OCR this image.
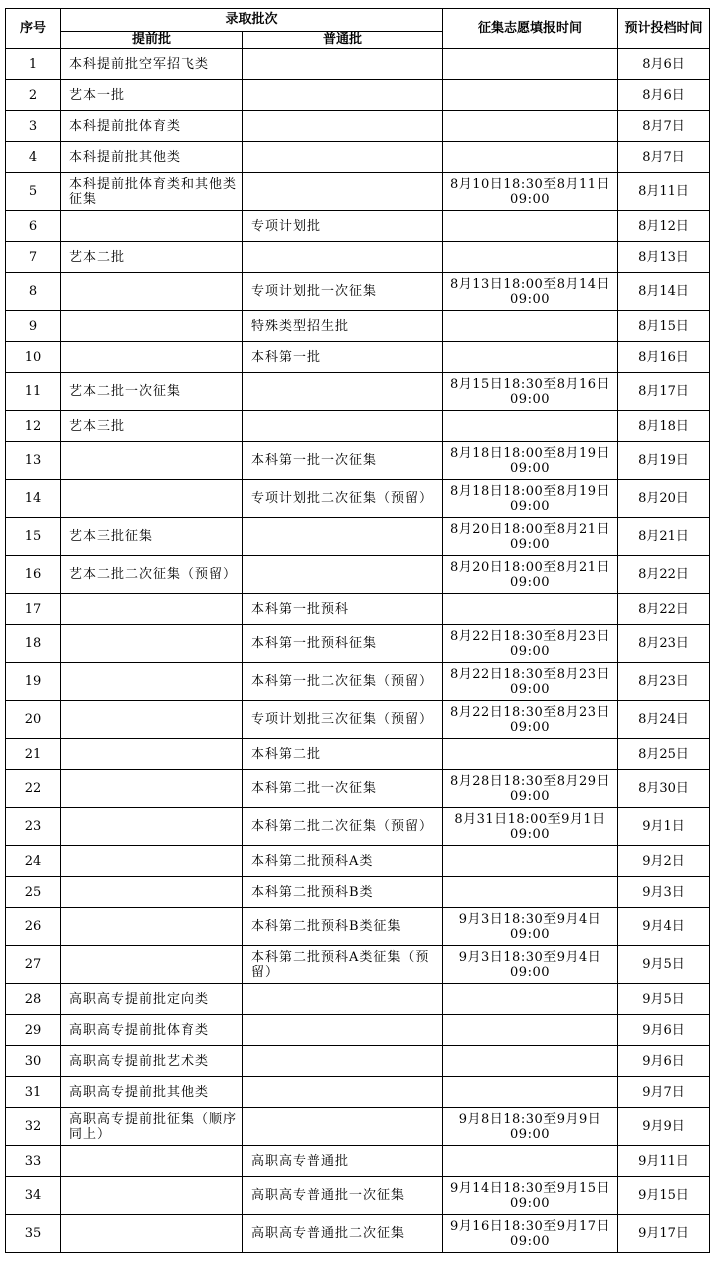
序号	录取批次		征集志愿填报时间	预计投档时间
	提前批	普通批		
1	本科提前批空军招飞类			8月6日
2	艺本一批			8月6日
3	本科提前批体育类			8月7日
4	本科提前批其他类			8月7日
5	本科提前批体育类和其他类征集		8月10日18:30至8月11日09:00	8月11日
6		专项计划批		8月12日
7	艺本二批			8月13日
8		专项计划批一次征集	8月13日18:00至8月14日09:00	8月14日
9		特殊类型招生批		8月15日
10		本科第一批		8月16日
11	艺本二批一次征集		8月15日18:30至8月16日09:00	8月17日
12	艺本三批			8月18日
13		本科第一批一次征集	8月18日18:00至8月19日09:00	8月19日
14		专项计划批二次征集（预留）	8月18日18:00至8月19日09:00	8月20日
15	艺本三批征集		8月20日18:00至8月21日09:00	8月21日
16	艺本二批二次征集（预留）		8月20日18:00至8月21日09:00	8月22日
17		本科第一批预科		8月22日
18		本科第一批预科征集	8月22日18:30至8月23日09:00	8月23日
19		本科第一批二次征集（预留）	8月22日18:30至8月23日09:00	8月23日
20		专项计划批三次征集（预留）	8月22日18:30至8月23日09:00	8月24日
21		本科第二批		8月25日
22		本科第二批一次征集	8月28日18:30至8月29日09:00	8月30日
23		本科第二批二次征集（预留）	8月31日18:00至9月1日09:00	9月1日
24		本科第二批预科A类		9月2日
25		本科第二批预科B类		9月3日
26		本科第二批预科B类征集	9月3日18:30至9月4日09:00	9月4日
27		本科第二批预科A类征集（预留）	9月3日18:30至9月4日09:00	9月5日
28	高职高专提前批定向类			9月5日
29	高职高专提前批体育类			9月6日
30	高职高专提前批艺术类			9月6日
31	高职高专提前批其他类			9月7日
32	高职高专提前批征集（顺序同上）		9月8日18:30至9月9日09:00	9月9日
33		高职高专普通批		9月11日
34		高职高专普通批一次征集	9月14日18:30至9月15日09:00	9月15日
35		高职高专普通批二次征集	9月16日18:30至9月17日09:00	9月17日
